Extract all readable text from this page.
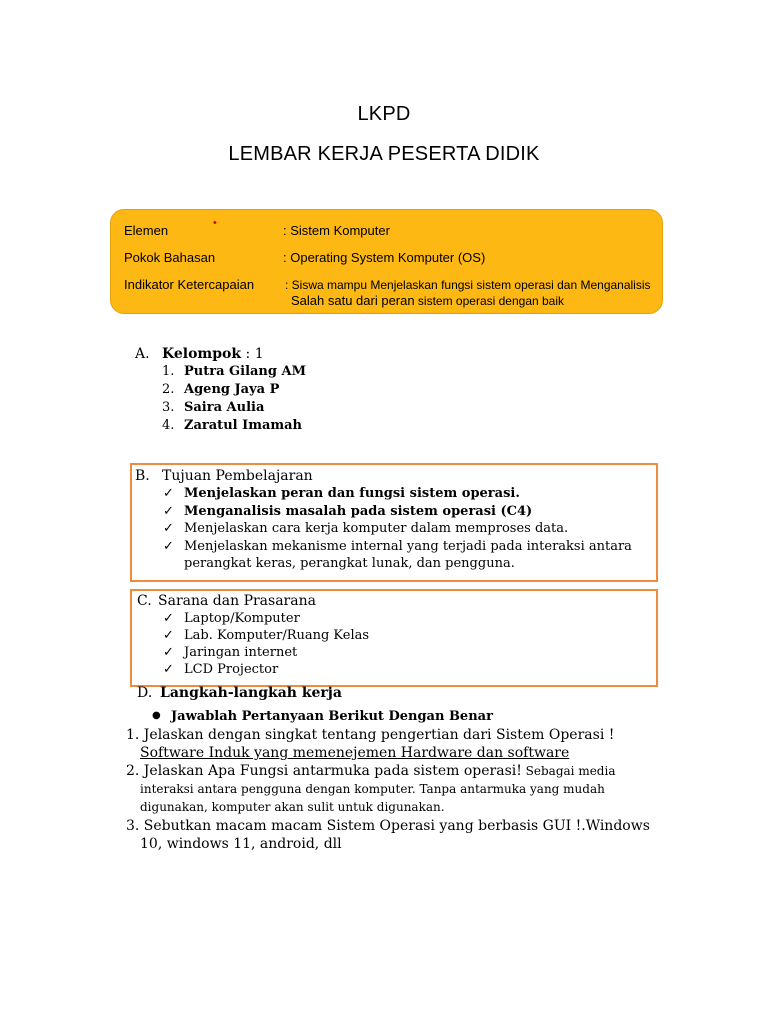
LKPD
LEMBAR KERJA PESERTA DIDIK
•
Elemen	: Sistem Komputer
Pokok Bahasan	: Operating System Komputer (OS)
Indikator Ketercapaian	: Siswa mampu Menjelaskan fungsi sistem operasi dan Menganalisis
Salah satu dari peran sistem operasi dengan baik
A. Kelompok : 1
1. Putra Gilang AM
2. Ageng Jaya P
3. Saira Aulia
4. Zaratul Imamah
B. Tujuan Pembelajaran
✓ Menjelaskan peran dan fungsi sistem operasi.
✓ Menganalisis masalah pada sistem operasi (C4)
✓ Menjelaskan cara kerja komputer dalam memproses data.
✓ Menjelaskan mekanisme internal yang terjadi pada interaksi antara
perangkat keras, perangkat lunak, dan pengguna.
C. Sarana dan Prasarana
✓ Laptop/Komputer
✓ Lab. Komputer/Ruang Kelas
✓ Jaringan internet
✓ LCD Projector
D. Langkah-langkah kerja
● Jawablah Pertanyaan Berikut Dengan Benar
1. Jelaskan dengan singkat tentang pengertian dari Sistem Operasi !
Software Induk yang memenejemen Hardware dan software
2. Jelaskan Apa Fungsi antarmuka pada sistem operasi! Sebagai media
interaksi antara pengguna dengan komputer. Tanpa antarmuka yang mudah
digunakan, komputer akan sulit untuk digunakan.
3. Sebutkan macam macam Sistem Operasi yang berbasis GUI !.Windows
10, windows 11, android, dll
